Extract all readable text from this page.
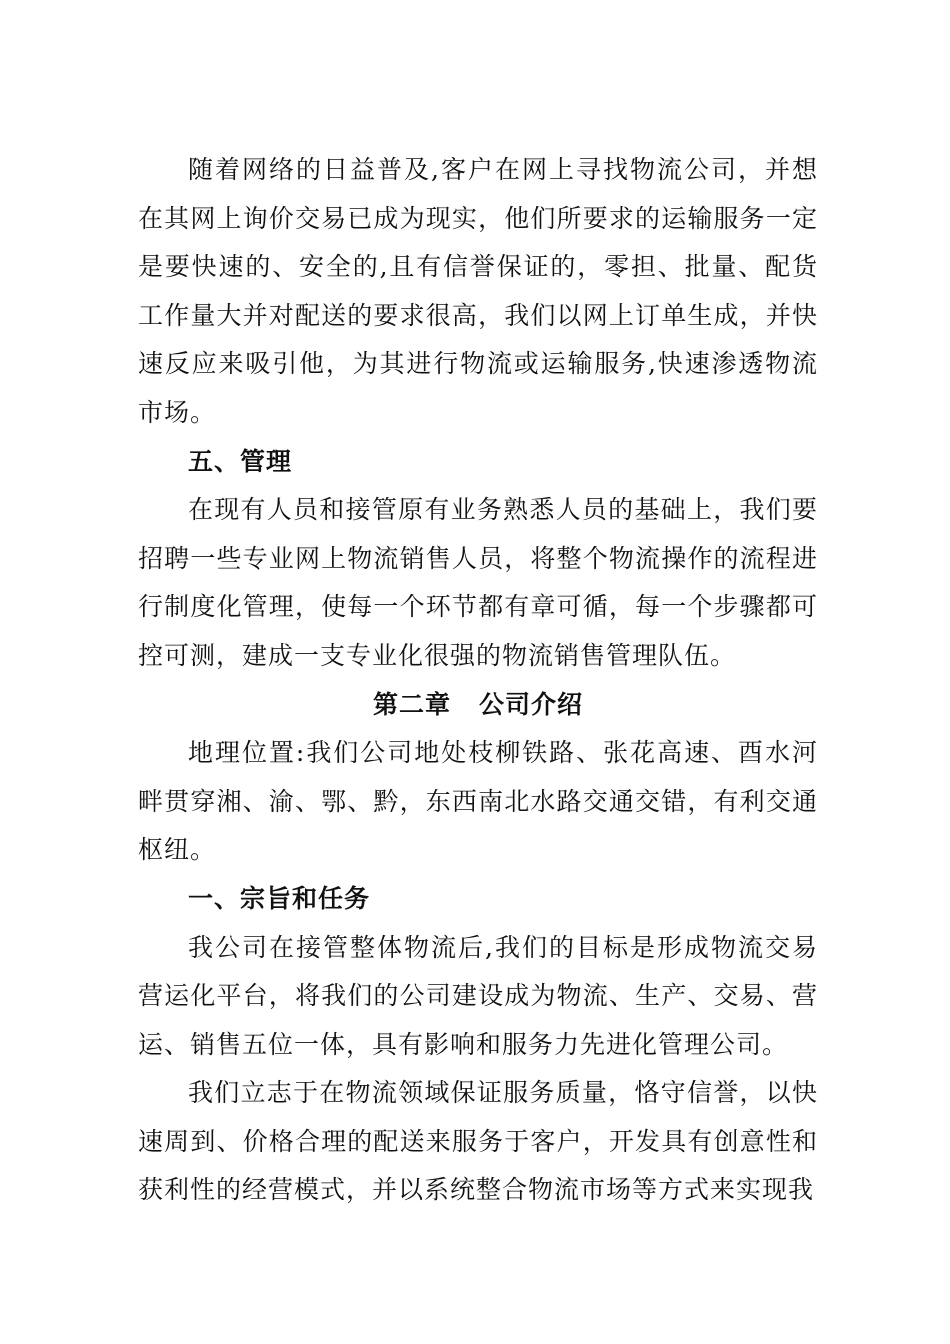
随着网络的日益普及,客户在网上寻找物流公司，并想在其网上询价交易已成为现实，他们所要求的运输服务一定是要快速的、安全的,且有信誉保证的，零担、批量、配货工作量大并对配送的要求很高，我们以网上订单生成，并快速反应来吸引他，为其进行物流或运输服务,快速渗透物流市场。

五、管理

在现有人员和接管原有业务熟悉人员的基础上，我们要招聘一些专业网上物流销售人员，将整个物流操作的流程进行制度化管理，使每一个环节都有章可循，每一个步骤都可控可测，建成一支专业化很强的物流销售管理队伍。

第二章 公司介绍

地理位置:我们公司地处枝柳铁路、张花高速、酉水河畔贯穿湘、渝、鄂、黔，东西南北水路交通交错，有利交通枢纽。

一、宗旨和任务

我公司在接管整体物流后,我们的目标是形成物流交易营运化平台，将我们的公司建设成为物流、生产、交易、营运、销售五位一体，具有影响和服务力先进化管理公司。

我们立志于在物流领域保证服务质量，恪守信誉，以快速周到、价格合理的配送来服务于客户，开发具有创意性和获利性的经营模式，并以系统整合物流市场等方式来实现我
